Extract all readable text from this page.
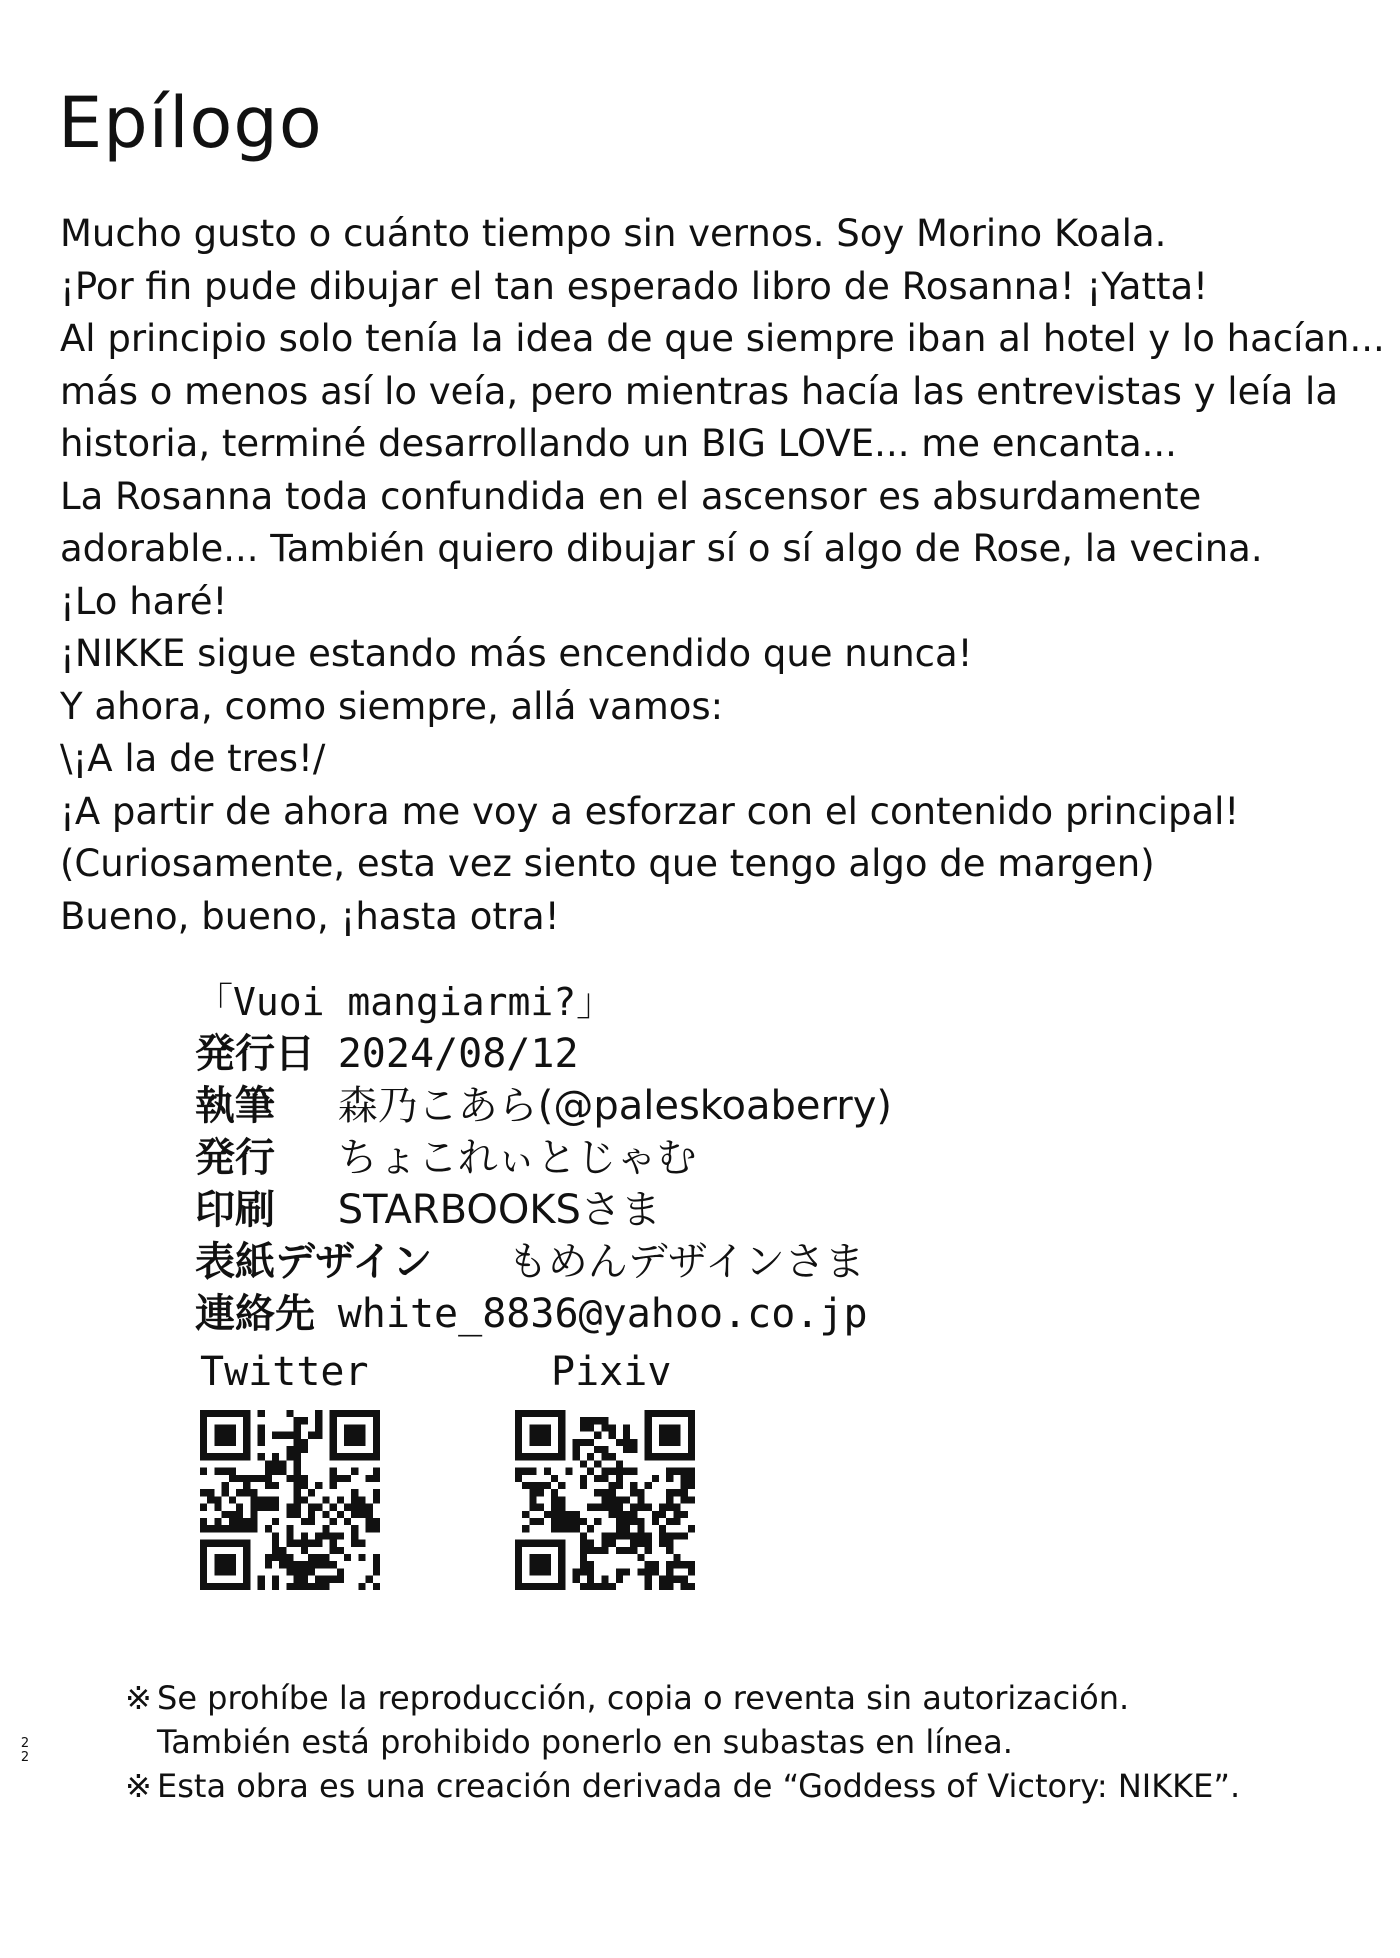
Epílogo
Mucho gusto o cuánto tiempo sin vernos. Soy Morino Koala.
¡Por fin pude dibujar el tan esperado libro de Rosanna! ¡Yatta!
Al principio solo tenía la idea de que siempre iban al hotel y lo hacían...
más o menos así lo veía, pero mientras hacía las entrevistas y leía la
historia, terminé desarrollando un BIG LOVE... me encanta...
La Rosanna toda confundida en el ascensor es absurdamente
adorable... También quiero dibujar sí o sí algo de Rose, la vecina.
¡Lo haré!
¡NIKKE sigue estando más encendido que nunca!
Y ahora, como siempre, allá vamos:
\¡A la de tres!/
¡A partir de ahora me voy a esforzar con el contenido principal!
(Curiosamente, esta vez siento que tengo algo de margen)
Bueno, bueno, ¡hasta otra!
「Vuoi mangiarmi?」
発行日 2024/08/12
執筆 森乃こあら(@paleskoaberry)
発行 ちょこれぃとじゃむ
印刷 STARBOOKSさま
表紙デザイン もめんデザインさま
連絡先 white_8836@yahoo.co.jp
Twitter	Pixiv
※ Se prohíbe la reproducción, copia o reventa sin autorización.
También está prohibido ponerlo en subastas en línea.
※ Esta obra es una creación derivada de “Goddess of Victory: NIKKE”.
22
